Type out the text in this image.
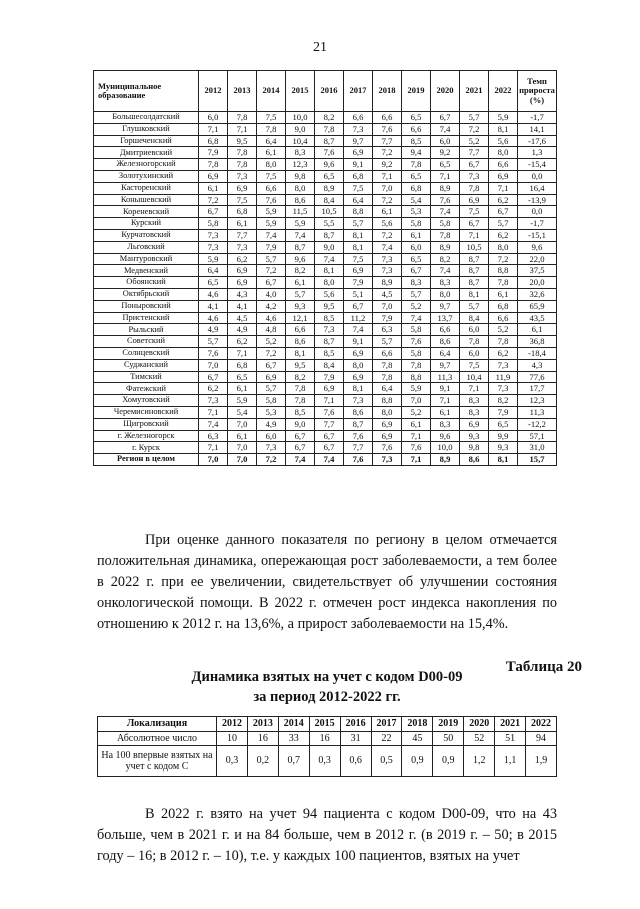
21
Муниципальное образование	2012	2013	2014	2015	2016	2017	2018	2019	2020	2021	2022	Темп прироста (%)
Большесолдатский	6,0	7,8	7,5	10,0	8,2	6,6	6,6	6,5	6,7	5,7	5,9	-1,7
Глушковский	7,1	7,1	7,8	9,0	7,8	7,3	7,6	6,6	7,4	7,2	8,1	14,1
Горшеченский	6,8	9,5	6,4	10,4	8,7	9,7	7,7	8,5	6,0	5,2	5,6	-17,6
Дмитриевский	7,9	7,8	6,1	8,3	7,6	6,9	7,2	9,4	9,2	7,7	8,0	1,3
Железногорский	7,8	7,8	8,0	12,3	9,6	9,1	9,2	7,8	6,5	6,7	6,6	-15,4
Золотухинский	6,9	7,3	7,5	9,8	6,5	6,8	7,1	6,5	7,1	7,3	6,9	0,0
Касторенский	6,1	6,9	6,6	8,0	8,9	7,5	7,0	6,8	8,9	7,8	7,1	16,4
Конышевский	7,2	7,5	7,6	8,6	8,4	6,4	7,2	5,4	7,6	6,9	6,2	-13,9
Кореневский	6,7	6,8	5,9	11,5	10,5	8,8	6,1	5,3	7,4	7,5	6,7	0,0
Курский	5,8	6,1	5,9	5,9	5,5	5,7	5,6	5,8	5,8	6,7	5,7	-1,7
Курчатовский	7,3	7,7	7,4	7,4	8,7	8,1	7,2	6,1	7,8	7,1	6,2	-15,1
Льговский	7,3	7,3	7,9	8,7	9,0	8,1	7,4	6,0	8,9	10,5	8,0	9,6
Мантуровский	5,9	6,2	5,7	9,6	7,4	7,5	7,3	6,5	8,2	8,7	7,2	22,0
Медвенский	6,4	6,9	7,2	8,2	8,1	6,9	7,3	6,7	7,4	8,7	8,8	37,5
Обоянский	6,5	6,9	6,7	6,1	8,0	7,9	8,9	8,3	8,3	8,7	7,8	20,0
Октябрьский	4,6	4,3	4,0	5,7	5,6	5,1	4,5	5,7	8,0	8,1	6,1	32,6
Поныровский	4,1	4,1	4,2	9,3	9,5	6,7	7,0	5,2	9,7	5,7	6,8	65,9
Пристенский	4,6	4,5	4,6	12,1	8,5	11,2	7,9	7,4	13,7	8,4	6,6	43,5
Рыльский	4,9	4,9	4,8	6,6	7,3	7,4	6,3	5,8	6,6	6,0	5,2	6,1
Советский	5,7	6,2	5,2	8,6	8,7	9,1	5,7	7,6	8,6	7,8	7,8	36,8
Солнцевский	7,6	7,1	7,2	8,1	8,5	6,9	6,6	5,8	6,4	6,0	6,2	-18,4
Суджанский	7,0	6,8	6,7	9,5	8,4	8,0	7,8	7,8	9,7	7,5	7,3	4,3
Тимский	6,7	6,5	6,9	8,2	7,9	6,9	7,8	8,8	11,3	10,4	11,9	77,6
Фатежский	6,2	6,1	5,7	7,8	6,9	8,1	6,4	5,9	9,1	7,1	7,3	17,7
Хомутовский	7,3	5,9	5,8	7,8	7,1	7,3	8,8	7,0	7,1	8,3	8,2	12,3
Черемисиновский	7,1	5,4	5,3	8,5	7,6	8,6	8,0	5,2	6,1	8,3	7,9	11,3
Щигровский	7,4	7,0	4,9	9,0	7,7	8,7	6,9	6,1	8,3	6,9	6,5	-12,2
г. Железногорск	6,3	6,1	6,0	6,7	6,7	7,6	6,9	7,1	9,6	9,3	9,9	57,1
г. Курск	7,1	7,0	7,3	6,7	6,7	7,7	7,6	7,6	10,0	9,8	9,3	31,0
Регион в целом	7,0	7,0	7,2	7,4	7,4	7,6	7,3	7,1	8,9	8,6	8,1	15,7
При оценке данного показателя по региону в целом отмечается положительная динамика, опережающая рост заболеваемости, а тем более в 2022 г. при ее увеличении, свидетельствует об улучшении состояния онкологической помощи. В 2022 г. отмечен рост индекса накопления по отношению к 2012 г. на 13,6%, а прирост заболеваемости на 15,4%.
Таблица 20
Динамика взятых на учет с кодом D00-09
за период 2012-2022 гг.
Локализация	2012	2013	2014	2015	2016	2017	2018	2019	2020	2021	2022
Абсолютное число	10	16	33	16	31	22	45	50	52	51	94
На 100 впервые взятых на учет с кодом С	0,3	0,2	0,7	0,3	0,6	0,5	0,9	0,9	1,2	1,1	1,9
В 2022 г. взято на учет 94 пациента с кодом D00-09, что на 43 больше, чем в 2021 г. и на 84 больше, чем в 2012 г. (в 2019 г. – 50; в 2015 году – 16; в 2012 г. – 10), т.е. у каждых 100 пациентов, взятых на учет
